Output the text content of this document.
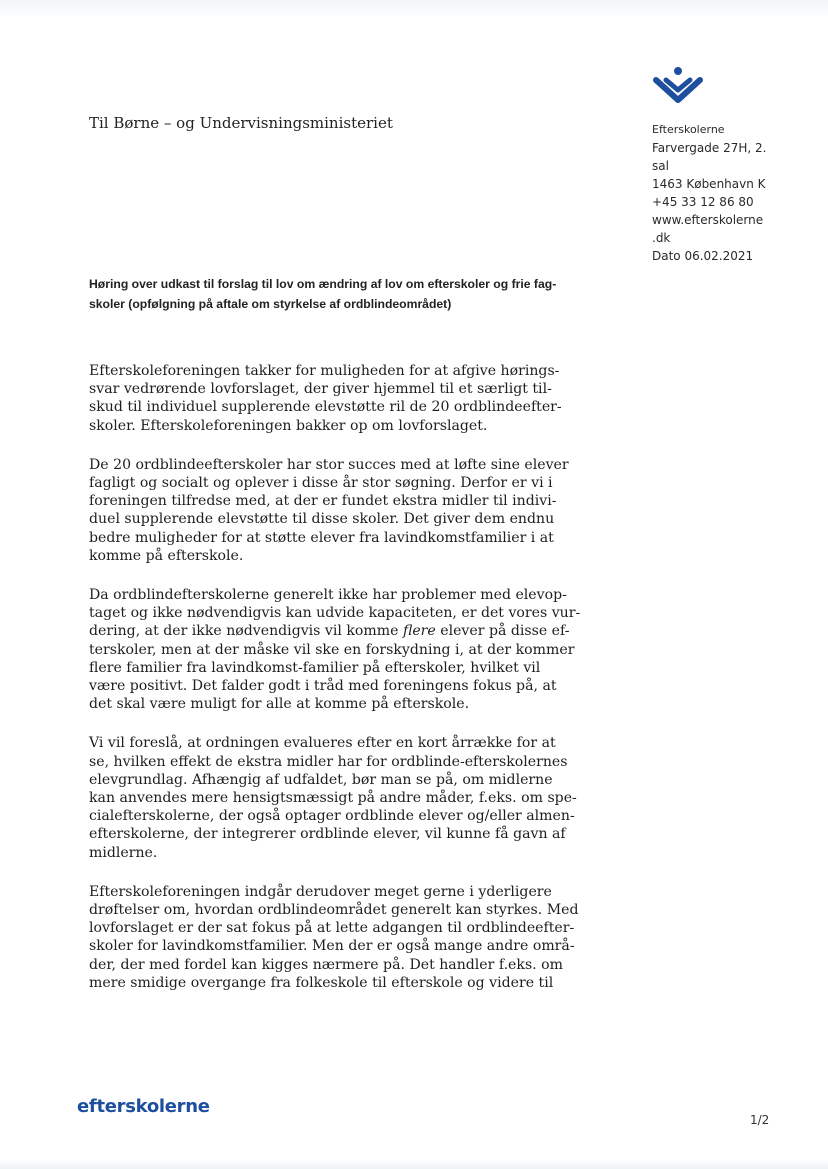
Efterskolerne
Farvergade 27H, 2.
sal
1463 København K
+45 33 12 86 80
www.efterskolerne
.dk
Dato 06.02.2021
Til Børne – og Undervisningsministeriet
Høring over udkast til forslag til lov om ændring af lov om efterskoler og frie fag-
skoler (opfølgning på aftale om styrkelse af ordblindeområdet)

Efterskoleforeningen takker for muligheden for at afgive hørings-
svar vedrørende lovforslaget, der giver hjemmel til et særligt til-
skud til individuel supplerende elevstøtte ril de 20 ordblindeefter-
skoler. Efterskoleforeningen bakker op om lovforslaget.

De 20 ordblindeefterskoler har stor succes med at løfte sine elever
fagligt og socialt og oplever i disse år stor søgning. Derfor er vi i
foreningen tilfredse med, at der er fundet ekstra midler til indivi-
duel supplerende elevstøtte til disse skoler. Det giver dem endnu
bedre muligheder for at støtte elever fra lavindkomstfamilier i at
komme på efterskole.

Da ordblindefterskolerne generelt ikke har problemer med elevop-
taget og ikke nødvendigvis kan udvide kapaciteten, er det vores vur-
dering, at der ikke nødvendigvis vil komme flere elever på disse ef-
terskoler, men at der måske vil ske en forskydning i, at der kommer
flere familier fra lavindkomst-familier på efterskoler, hvilket vil
være positivt. Det falder godt i tråd med foreningens fokus på, at
det skal være muligt for alle at komme på efterskole.

Vi vil foreslå, at ordningen evalueres efter en kort årrække for at
se, hvilken effekt de ekstra midler har for ordblinde-efterskolernes
elevgrundlag. Afhængig af udfaldet, bør man se på, om midlerne
kan anvendes mere hensigtsmæssigt på andre måder, f.eks. om spe-
cialefterskolerne, der også optager ordblinde elever og/eller almen-
efterskolerne, der integrerer ordblinde elever, vil kunne få gavn af
midlerne.

Efterskoleforeningen indgår derudover meget gerne i yderligere
drøftelser om, hvordan ordblindeområdet generelt kan styrkes. Med
lovforslaget er der sat fokus på at lette adgangen til ordblindeefter-
skoler for lavindkomstfamilier. Men der er også mange andre områ-
der, der med fordel kan kigges nærmere på. Det handler f.eks. om
mere smidige overgange fra folkeskole til efterskole og videre til

efterskolerne
1/2
